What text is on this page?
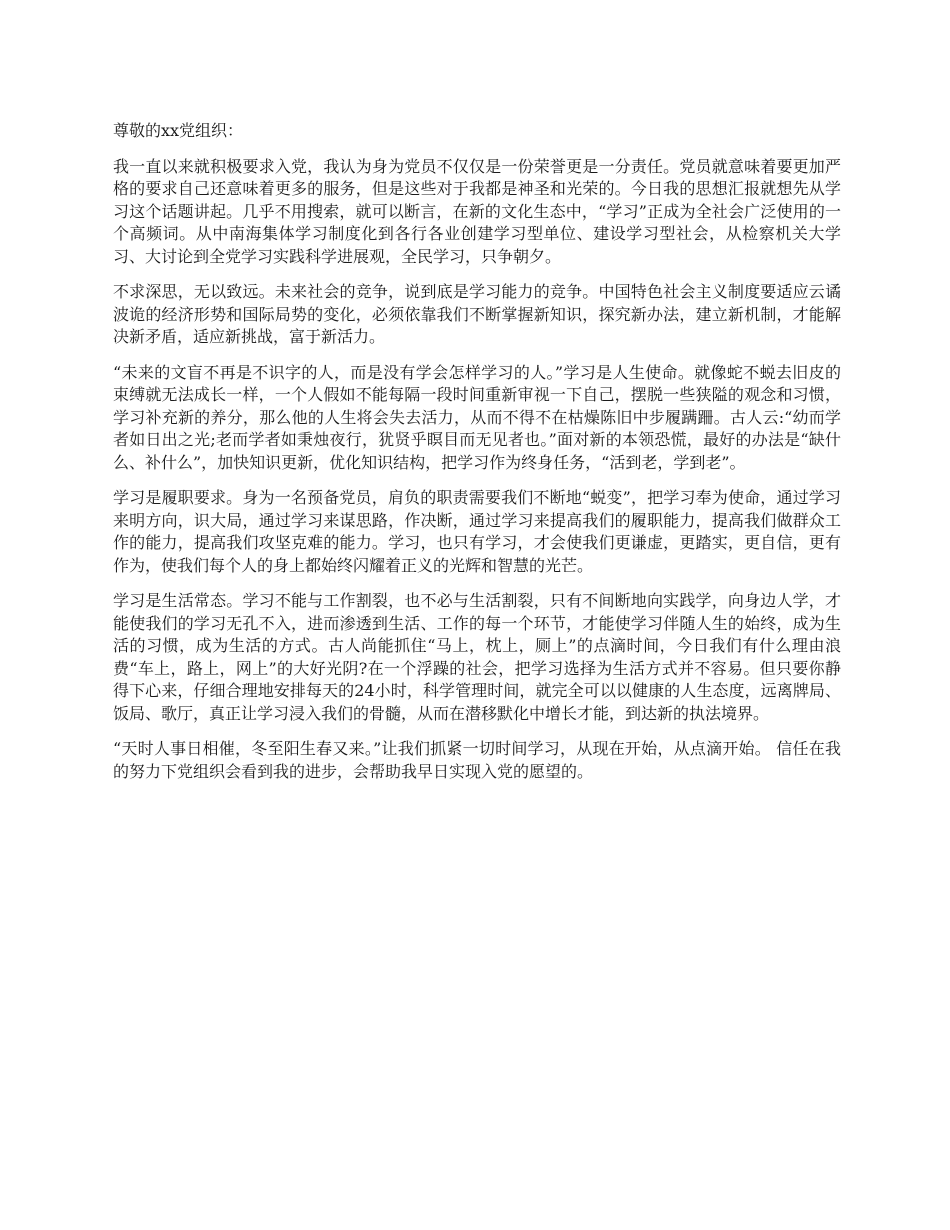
尊敬的xx党组织：

我一直以来就积极要求入党，我认为身为党员不仅仅是一份荣誉更是一分责任。党员就意味着要更加严格的要求自己还意味着更多的服务，但是这些对于我都是神圣和光荣的。今日我的思想汇报就想先从学习这个话题讲起。几乎不用搜索，就可以断言，在新的文化生态中，“学习”正成为全社会广泛使用的一个高频词。从中南海集体学习制度化到各行各业创建学习型单位、建设学习型社会，从检察机关大学习、大讨论到全党学习实践科学进展观，全民学习，只争朝夕。

不求深思，无以致远。未来社会的竞争，说到底是学习能力的竞争。中国特色社会主义制度要适应云谲波诡的经济形势和国际局势的变化，必须依靠我们不断掌握新知识，探究新办法，建立新机制，才能解决新矛盾，适应新挑战，富于新活力。

“未来的文盲不再是不识字的人，而是没有学会怎样学习的人。”学习是人生使命。就像蛇不蜕去旧皮的束缚就无法成长一样，一个人假如不能每隔一段时间重新审视一下自己，摆脱一些狭隘的观念和习惯，学习补充新的养分，那么他的人生将会失去活力，从而不得不在枯燥陈旧中步履蹒跚。古人云:“幼而学者如日出之光;老而学者如秉烛夜行，犹贤乎瞑目而无见者也。”面对新的本领恐慌，最好的办法是“缺什么、补什么”，加快知识更新，优化知识结构，把学习作为终身任务，“活到老，学到老”。

学习是履职要求。身为一名预备党员，肩负的职责需要我们不断地“蜕变”，把学习奉为使命，通过学习来明方向，识大局，通过学习来谋思路，作决断，通过学习来提高我们的履职能力，提高我们做群众工作的能力，提高我们攻坚克难的能力。学习，也只有学习，才会使我们更谦虚，更踏实，更自信，更有作为，使我们每个人的身上都始终闪耀着正义的光辉和智慧的光芒。

学习是生活常态。学习不能与工作割裂，也不必与生活割裂，只有不间断地向实践学，向身边人学，才能使我们的学习无孔不入，进而渗透到生活、工作的每一个环节，才能使学习伴随人生的始终，成为生活的习惯，成为生活的方式。古人尚能抓住“马上，枕上，厕上”的点滴时间，今日我们有什么理由浪费“车上，路上，网上”的大好光阴?在一个浮躁的社会，把学习选择为生活方式并不容易。但只要你静得下心来，仔细合理地安排每天的24小时，科学管理时间，就完全可以以健康的人生态度，远离牌局、饭局、歌厅，真正让学习浸入我们的骨髓，从而在潜移默化中增长才能，到达新的执法境界。

“天时人事日相催，冬至阳生春又来。”让我们抓紧一切时间学习，从现在开始，从点滴开始。 信任在我的努力下党组织会看到我的进步，会帮助我早日实现入党的愿望的。
